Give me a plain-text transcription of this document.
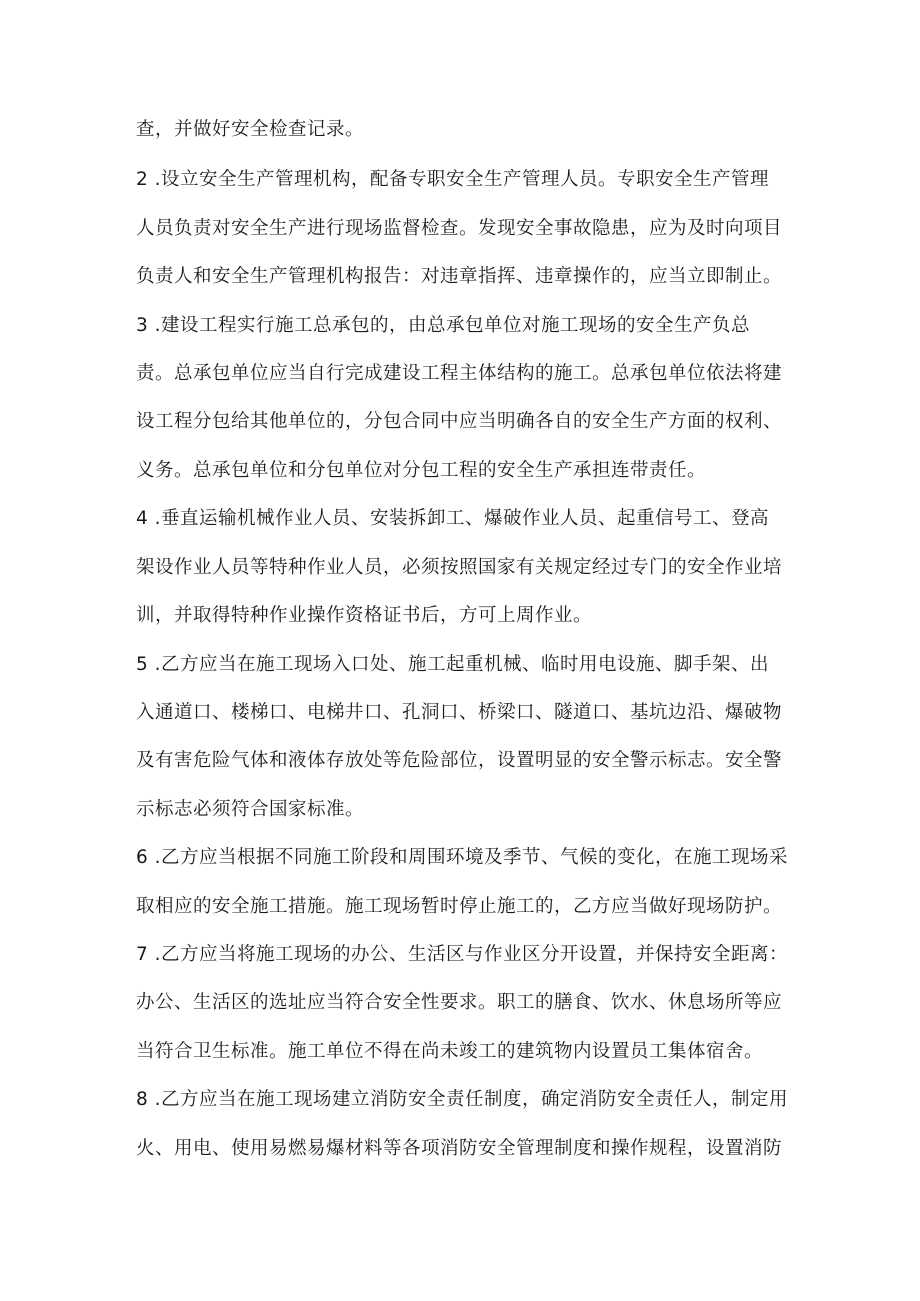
查，并做好安全检查记录。
2 .设立安全生产管理机构，配备专职安全生产管理人员。专职安全生产管理
人员负责对安全生产进行现场监督检查。发现安全事故隐患，应为及时向项目
负责人和安全生产管理机构报告：对违章指挥、违章操作的，应当立即制止。
3 .建设工程实行施工总承包的，由总承包单位对施工现场的安全生产负总
责。总承包单位应当自行完成建设工程主体结构的施工。总承包单位依法将建
设工程分包给其他单位的，分包合同中应当明确各自的安全生产方面的权利、
义务。总承包单位和分包单位对分包工程的安全生产承担连带责任。
4 .垂直运输机械作业人员、安装拆卸工、爆破作业人员、起重信号工、登高
架设作业人员等特种作业人员，必须按照国家有关规定经过专门的安全作业培
训，并取得特种作业操作资格证书后，方可上周作业。
5 .乙方应当在施工现场入口处、施工起重机械、临时用电设施、脚手架、出
入通道口、楼梯口、电梯井口、孔洞口、桥梁口、隧道口、基坑边沿、爆破物
及有害危险气体和液体存放处等危险部位，设置明显的安全警示标志。安全警
示标志必须符合国家标准。
6 .乙方应当根据不同施工阶段和周围环境及季节、气候的变化，在施工现场采
取相应的安全施工措施。施工现场暂时停止施工的，乙方应当做好现场防护。
7 .乙方应当将施工现场的办公、生活区与作业区分开设置，并保持安全距离：
办公、生活区的选址应当符合安全性要求。职工的膳食、饮水、休息场所等应
当符合卫生标准。施工单位不得在尚未竣工的建筑物内设置员工集体宿舍。
8 .乙方应当在施工现场建立消防安全责任制度，确定消防安全责任人，制定用
火、用电、使用易燃易爆材料等各项消防安全管理制度和操作规程，设置消防
